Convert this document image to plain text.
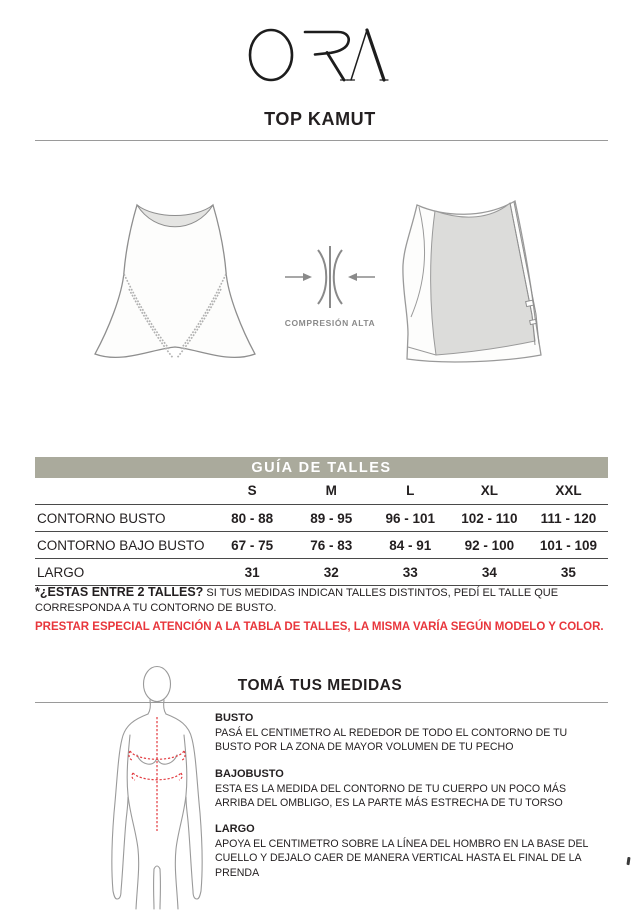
TOP KAMUT
COMPRESIÓN ALTA
GUÍA DE TALLES
	S	M	L	XL	XXL
CONTORNO BUSTO	80 - 88	89 - 95	96 - 101	102 - 110	111 - 120
CONTORNO BAJO BUSTO	67 - 75	76 - 83	84 - 91	92 - 100	101 - 109
LARGO	31	32	33	34	35
*¿ESTAS ENTRE 2 TALLES? SI TUS MEDIDAS INDICAN TALLES DISTINTOS, PEDÍ EL TALLE QUE CORRESPONDA A TU CONTORNO DE BUSTO.
PRESTAR ESPECIAL ATENCIÓN A LA TABLA DE TALLES, LA MISMA VARÍA SEGÚN MODELO Y COLOR.
TOMÁ TUS MEDIDAS
BUSTO
PASÁ EL CENTIMETRO AL REDEDOR DE TODO EL CONTORNO DE TU BUSTO POR LA ZONA DE MAYOR VOLUMEN DE TU PECHO
BAJOBUSTO
ESTA ES LA MEDIDA DEL CONTORNO DE TU CUERPO UN POCO MÁS ARRIBA DEL OMBLIGO, ES LA PARTE MÁS ESTRECHA DE TU TORSO
LARGO
APOYA EL CENTIMETRO SOBRE LA LÍNEA DEL HOMBRO EN LA BASE DEL CUELLO Y DEJALO CAER DE MANERA VERTICAL HASTA EL FINAL DE LA PRENDA
